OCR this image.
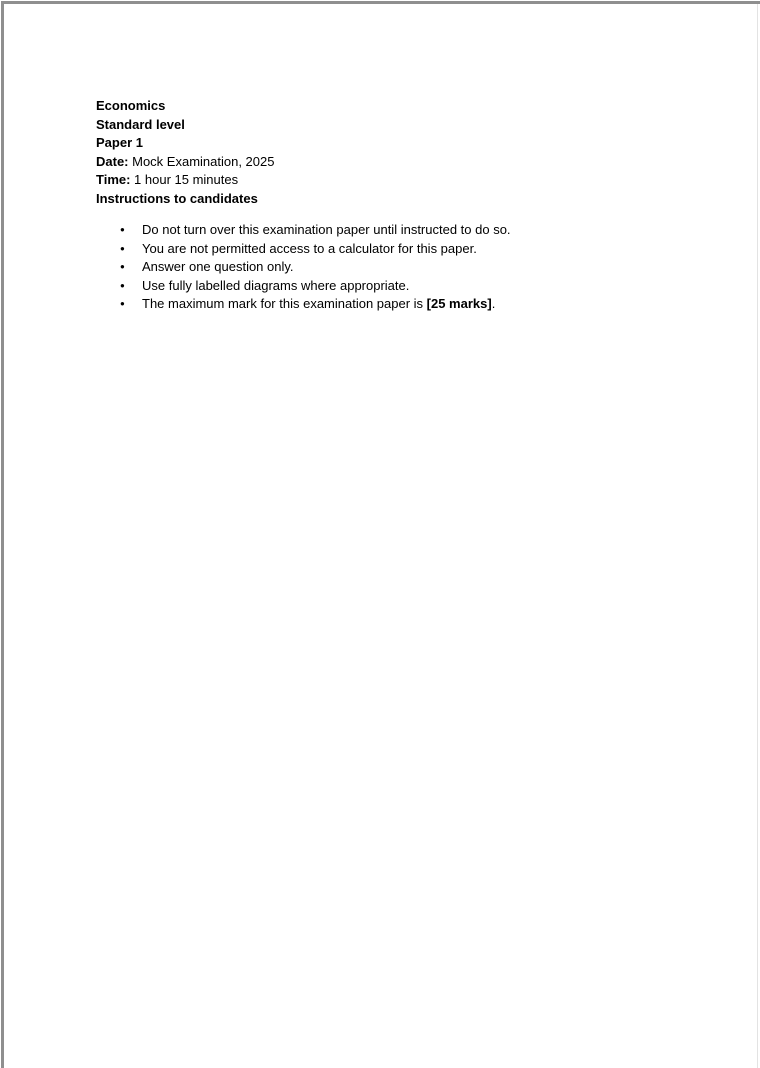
Economics

Standard level

Paper 1

Date: Mock Examination, 2025
Time: 1 hour 15 minutes

Instructions to candidates

● Do not turn over this examination paper until instructed to do so.
● You are not permitted access to a calculator for this paper.
● Answer one question only.
● Use fully labelled diagrams where appropriate.
● The maximum mark for this examination paper is [25 marks].
